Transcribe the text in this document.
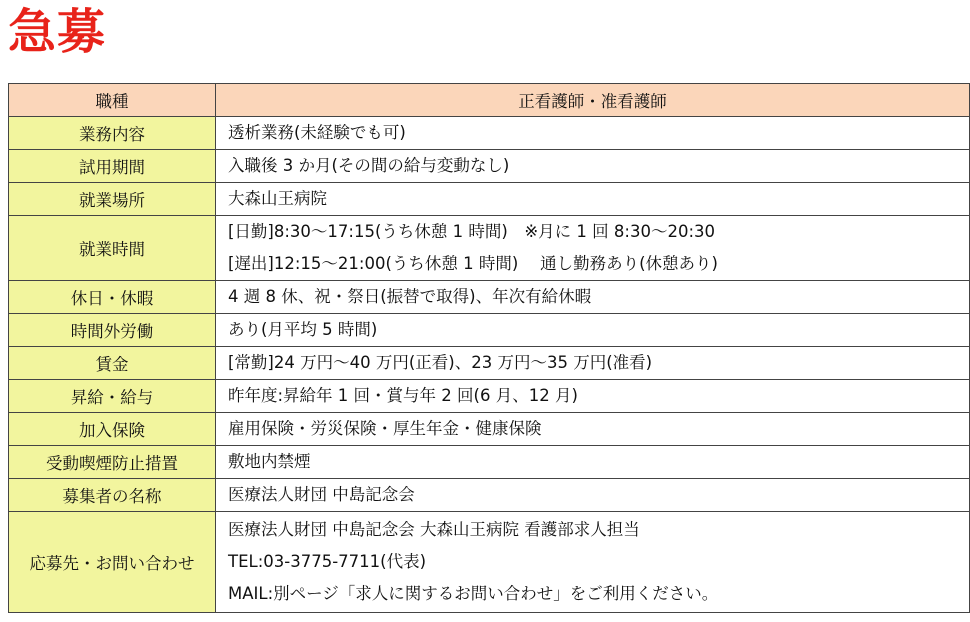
急募
職種	正看護師・准看護師
業務内容	透析業務(未経験でも可)

試用期間	入職後 3 か月(その間の給与変動なし)

就業場所	大森山王病院

就業時間	[日勤]8:30～17:15(うち休憩 1 時間)　※月に 1 回 8:30～20:30
[遅出]12:15～21:00(うち休憩 1 時間)　 通し勤務あり(休憩あり)

休日・休暇	4 週 8 休、祝・祭日(振替で取得)、年次有給休暇

時間外労働	あり(月平均 5 時間)

賃金	[常勤]24 万円～40 万円(正看)、23 万円～35 万円(准看)

昇給・給与	昨年度:昇給年 1 回・賞与年 2 回(6 月、12 月)

加入保険	雇用保険・労災保険・厚生年金・健康保険

受動喫煙防止措置	敷地内禁煙

募集者の名称	医療法人財団 中島記念会

応募先・お問い合わせ	医療法人財団 中島記念会 大森山王病院 看護部求人担当
TEL:03-3775-7711(代表)
MAIL:別ページ「求人に関するお問い合わせ」をご利用ください。
